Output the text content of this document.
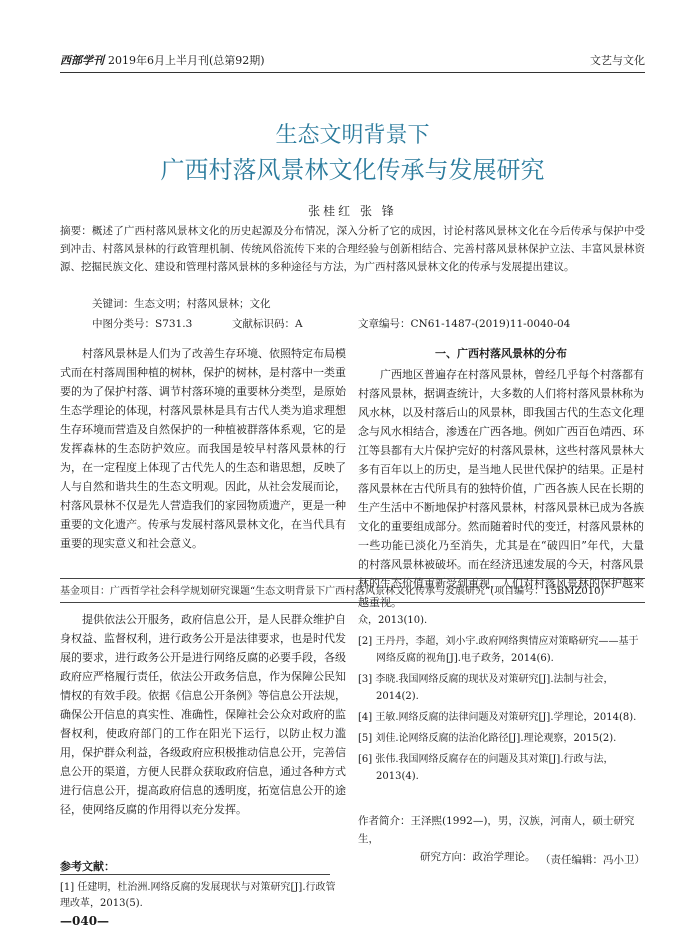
西部学刊 2019年6月上半月刊(总第92期)	文艺与文化
生态文明背景下
广西村落风景林文化传承与发展研究
张桂红 张 锋
摘要：概述了广西村落风景林文化的历史起源及分布情况，深入分析了它的成因，讨论村落风景林文化在今后传承与保护中受到冲击、村落风景林的行政管理机制、传统风俗流传下来的合理经验与创新相结合、完善村落风景林保护立法、丰富风景林资源、挖掘民族文化、建设和管理村落风景林的多种途径与方法，为广西村落风景林文化的传承与发展提出建议。
关键词：生态文明；村落风景林；文化
中图分类号：S731.3	文献标识码：A	文章编号：CN61-1487-(2019)11-0040-04

村落风景林是人们为了改善生存环境、依照特定布局模式而在村落周围种植的树林，保护的树林，是村落中一类重要的为了保护村落、调节村落环境的重要林分类型，是原始生态学理论的体现，村落风景林是具有古代人类为追求理想生存环境而营造及自然保护的一种植被群落体系观，它的是发挥森林的生态防护效应。而我国是较早村落风景林的行为，在一定程度上体现了古代先人的生态和谐思想，反映了人与自然和谐共生的生态文明观。因此，从社会发展而论，村落风景林不仅是先人营造我们的家园物质遗产，更是一种重要的文化遗产。传承与发展村落风景林文化，在当代具有重要的现实意义和社会意义。

一、广西村落风景林的分布

广西地区普遍存在村落风景林，曾经几乎每个村落都有村落风景林，据调查统计，大多数的人们将村落风景林称为风水林，以及村落后山的风景林，即我国古代的生态文化理念与风水相结合，渗透在广西各地。例如广西百色靖西、环江等县都有大片保护完好的村落风景林，这些村落风景林大多有百年以上的历史，是当地人民世代保护的结果。正是村落风景林在古代所具有的独特价值，广西各族人民在长期的生产生活中不断地保护村落风景林，村落风景林已成为各族文化的重要组成部分。然而随着时代的变迁，村落风景林的一些功能已淡化乃至消失，尤其是在“破四旧”年代，大量的村落风景林被破坏。而在经济迅速发展的今天，村落风景林的生态价值重新受到重视，人们对村落风景林的保护越来越重视。

基金项目：广西哲学社会科学规划研究课题“生态文明背景下广西村落风景林文化传承与发展研究”(项目编号：15BMZ010)

提供依法公开服务，政府信息公开，是人民群众维护自身权益、监督权利，进行政务公开是法律要求，也是时代发展的要求，进行政务公开是进行网络反腐的必要手段，各级政府应严格履行责任，依法公开政务信息，作为保障公民知情权的有效手段。依据《信息公开条例》等信息公开法规，确保公开信息的真实性、准确性，保障社会公众对政府的监督权利，使政府部门的工作在阳光下运行，以防止权力滥用，保护群众利益，各级政府应积极推动信息公开，完善信息公开的渠道，方便人民群众获取政府信息，通过各种方式进行信息公开，提高政府信息的透明度，拓宽信息公开的途径，使网络反腐的作用得以充分发挥。

众，2013(10).
[2] 王丹丹，李超，刘小宇.政府网络舆情应对策略研究——基于网络反腐的视角[J].电子政务，2014(6).
[3] 李晓.我国网络反腐的现状及对策研究[J].法制与社会，2014(2).
[4] 王敏.网络反腐的法律问题及对策研究[J].学理论，2014(8).
[5] 刘佳.论网络反腐的法治化路径[J].理论观察，2015(2).
[6] 张伟.我国网络反腐存在的问题及其对策[J].行政与法，2013(4).
作者简介：王泽熙(1992—)，男，汉族，河南人，硕士研究生，
研究方向：政治学理论。 （责任编辑：冯小卫）
参考文献：
[1] 任建明，杜治洲.网络反腐的发展现状与对策研究[J].行政管理改革，2013(5).
—040—
